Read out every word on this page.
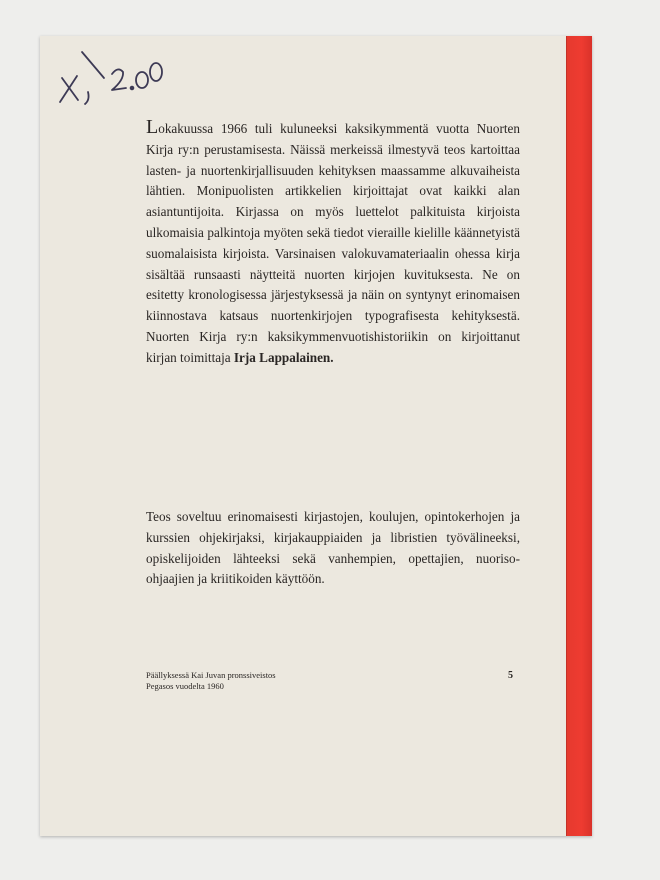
Lokakuussa 1966 tuli kuluneeksi kaksikymmentä vuotta Nuorten Kirja ry:n perustamisesta. Näissä merkeissä ilmestyvä teos kartoittaa lasten- ja nuortenkirjallisuuden kehityksen maassamme alkuvaiheista lähtien. Monipuolisten artikkelien kirjoittajat ovat kaikki alan asiantuntijoita. Kirjassa on myös luettelot palkituista kirjoista ulkomaisia palkintoja myöten sekä tiedot vieraille kielille käännetyistä suomalaisista kirjoista. Varsinaisen valokuvamateriaalin ohessa kirja sisältää runsaasti näytteitä nuorten kirjojen kuvituksesta. Ne on esitetty kronologisessa järjestyksessä ja näin on syntynyt erinomaisen kiinnostava katsaus nuortenkirjojen typografisesta kehityksestä. Nuorten Kirja ry:n kaksikymmenvuotishistoriikin on kirjoittanut kirjan toimittaja Irja Lappalainen.

Teos soveltuu erinomaisesti kirjastojen, koulujen, opintokerhojen ja kurssien ohjekirjaksi, kirjakauppiaiden ja libristien työvälineeksi, opiskelijoiden lähteeksi sekä vanhempien, opettajien, nuoriso-ohjaajien ja kriitikoiden käyttöön.

Päällyksessä Kai Juvan pronssiveistos
Pegasos vuodelta 1960
5
